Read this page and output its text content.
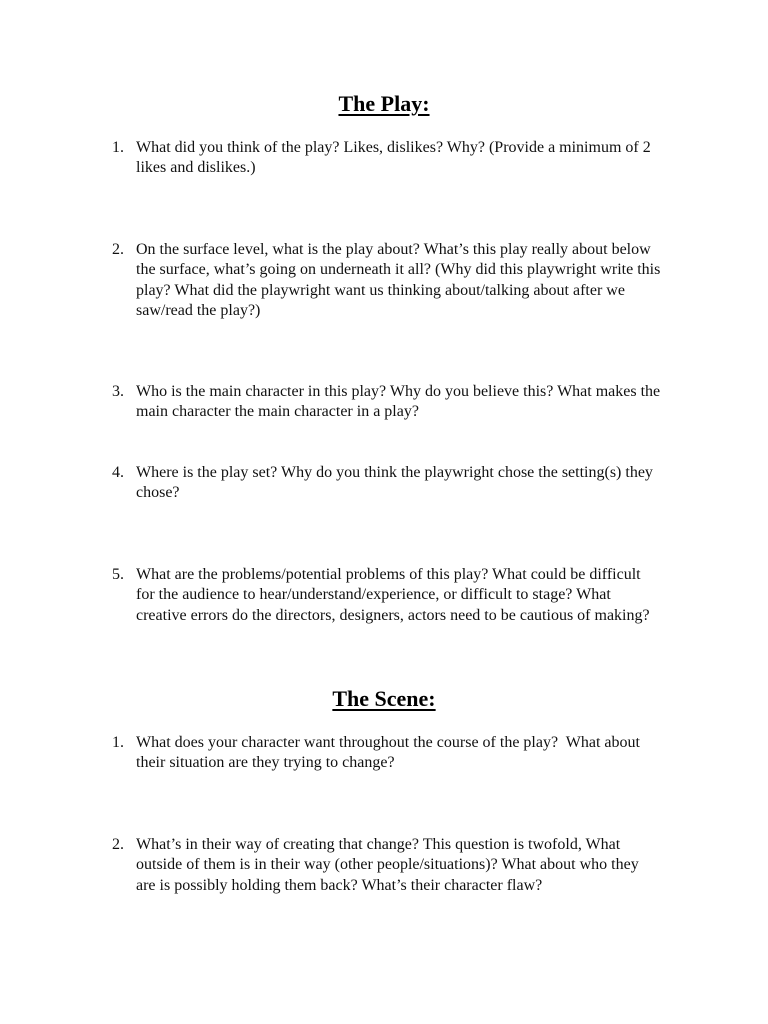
The Play:
1. What did you think of the play? Likes, dislikes? Why? (Provide a minimum of 2
likes and dislikes.)
2. On the surface level, what is the play about? What’s this play really about below
the surface, what’s going on underneath it all? (Why did this playwright write this
play? What did the playwright want us thinking about/talking about after we
saw/read the play?)
3. Who is the main character in this play? Why do you believe this? What makes the
main character the main character in a play?
4. Where is the play set? Why do you think the playwright chose the setting(s) they
chose?
5. What are the problems/potential problems of this play? What could be difficult
for the audience to hear/understand/experience, or difficult to stage? What
creative errors do the directors, designers, actors need to be cautious of making?
The Scene:
1. What does your character want throughout the course of the play?  What about
their situation are they trying to change?
2. What’s in their way of creating that change? This question is twofold, What
outside of them is in their way (other people/situations)? What about who they
are is possibly holding them back? What’s their character flaw?
